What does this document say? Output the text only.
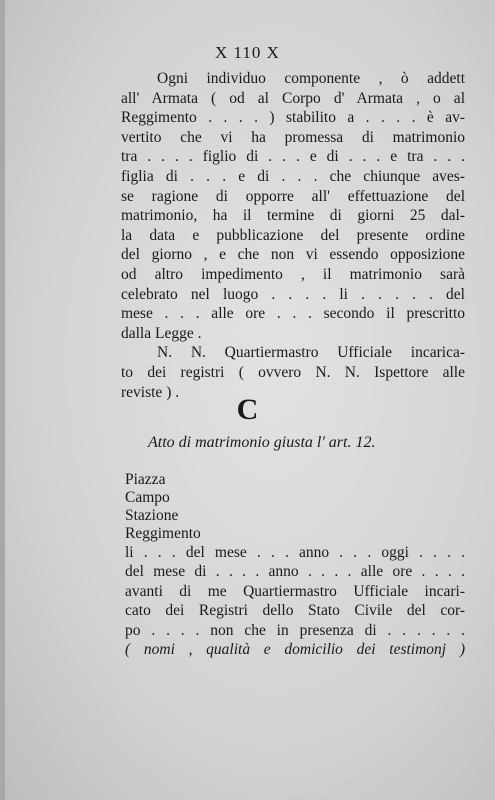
X 110 X
Ogni individuo componente , ò addett
all' Armata ( od al Corpo d' Armata , o al
Reggimento . . . . ) stabilito a . . . . è av-
vertito che vi ha promessa di matrimonio
tra . . . . figlio di . . . e di . . . e tra . . .
figlia di . . . e di . . . che chiunque aves-
se ragione di opporre all' effettuazione del
matrimonio, ha il termine di giorni 25 dal-
la data e pubblicazione del presente ordine
del giorno , e che non vi essendo opposizione
od altro impedimento , il matrimonio sarà
celebrato nel luogo . . . . li . . . . . del
mese . . . alle ore . . . secondo il prescritto
dalla Legge .
N. N. Quartiermastro Ufficiale incarica-
to dei registri ( ovvero N. N. Ispettore alle
reviste ) .
C
Atto di matrimonio giusta l' art. 12.
Piazza
Campo
Stazione
Reggimento
li . . . del mese . . . anno . . . oggi . . . .
del mese di . . . . anno . . . . alle ore . . . .
avanti di me Quartiermastro Ufficiale incari-
cato dei Registri dello Stato Civile del cor-
po . . . . non che in presenza di . . . . . .
( nomi , qualità e domicilio dei testimonj )
